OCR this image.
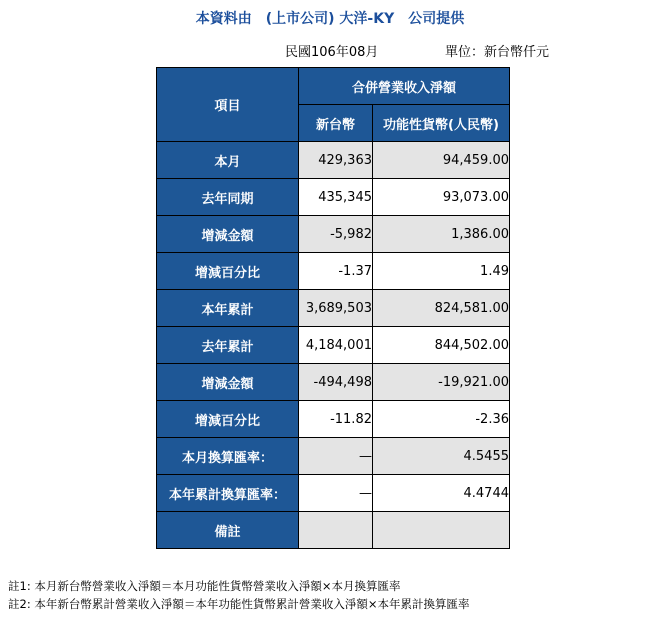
本資料由　(上市公司) 大洋-KY　公司提供
民國106年08月	單位：新台幣仟元
項目	合併營業收入淨額	
	新台幣	功能性貨幣(人民幣)
本月	429,363	94,459.00
去年同期	435,345	93,073.00
增減金額	-5,982	1,386.00
增減百分比	-1.37	1.49
本年累計	3,689,503	824,581.00
去年累計	4,184,001	844,502.00
增減金額	-494,498	-19,921.00
增減百分比	-11.82	-2.36
本月換算匯率：	—	4.5455
本年累計換算匯率：	—	4.4744
備註		
註1: 本月新台幣營業收入淨額＝本月功能性貨幣營業收入淨額×本月換算匯率
註2: 本年新台幣累計營業收入淨額＝本年功能性貨幣累計營業收入淨額×本年累計換算匯率
